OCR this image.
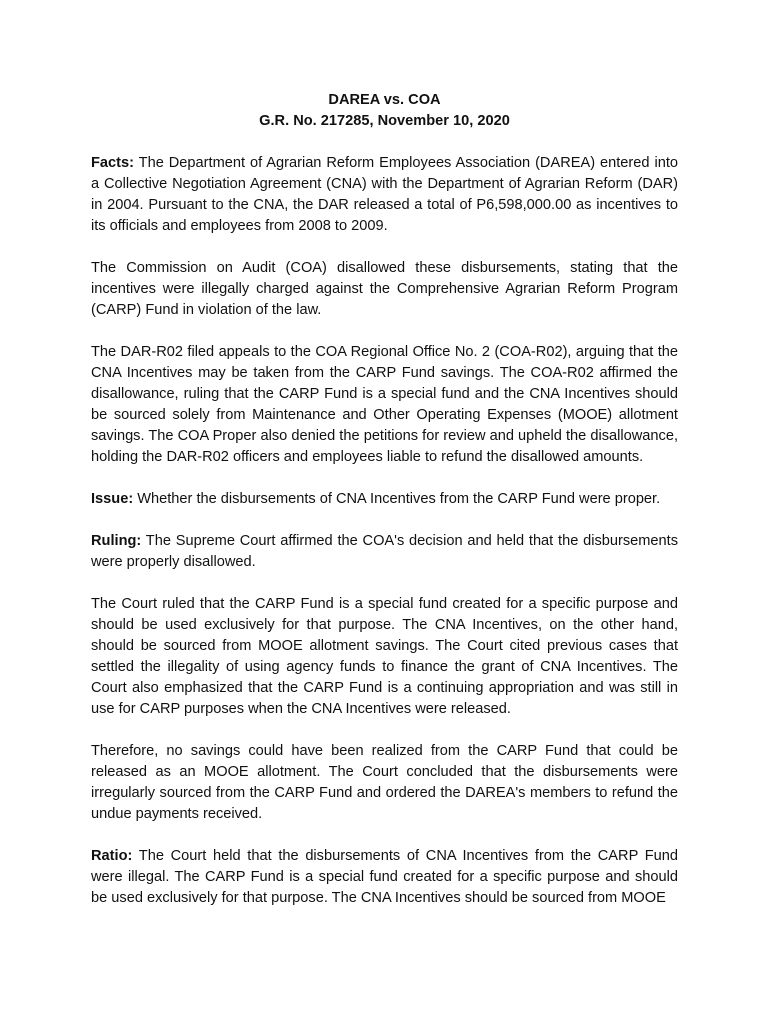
DAREA vs. COA
G.R. No. 217285, November 10, 2020

Facts: The Department of Agrarian Reform Employees Association (DAREA) entered into a Collective Negotiation Agreement (CNA) with the Department of Agrarian Reform (DAR) in 2004. Pursuant to the CNA, the DAR released a total of P6,598,000.00 as incentives to its officials and employees from 2008 to 2009.

The Commission on Audit (COA) disallowed these disbursements, stating that the incentives were illegally charged against the Comprehensive Agrarian Reform Program (CARP) Fund in violation of the law.

The DAR-R02 filed appeals to the COA Regional Office No. 2 (COA-R02), arguing that the CNA Incentives may be taken from the CARP Fund savings. The COA-R02 affirmed the disallowance, ruling that the CARP Fund is a special fund and the CNA Incentives should be sourced solely from Maintenance and Other Operating Expenses (MOOE) allotment savings. The COA Proper also denied the petitions for review and upheld the disallowance, holding the DAR-R02 officers and employees liable to refund the disallowed amounts.

Issue: Whether the disbursements of CNA Incentives from the CARP Fund were proper.

Ruling: The Supreme Court affirmed the COA's decision and held that the disbursements were properly disallowed.

The Court ruled that the CARP Fund is a special fund created for a specific purpose and should be used exclusively for that purpose. The CNA Incentives, on the other hand, should be sourced from MOOE allotment savings. The Court cited previous cases that settled the illegality of using agency funds to finance the grant of CNA Incentives. The Court also emphasized that the CARP Fund is a continuing appropriation and was still in use for CARP purposes when the CNA Incentives were released.

Therefore, no savings could have been realized from the CARP Fund that could be released as an MOOE allotment. The Court concluded that the disbursements were irregularly sourced from the CARP Fund and ordered the DAREA's members to refund the undue payments received.

Ratio: The Court held that the disbursements of CNA Incentives from the CARP Fund were illegal. The CARP Fund is a special fund created for a specific purpose and should be used exclusively for that purpose. The CNA Incentives should be sourced from MOOE
